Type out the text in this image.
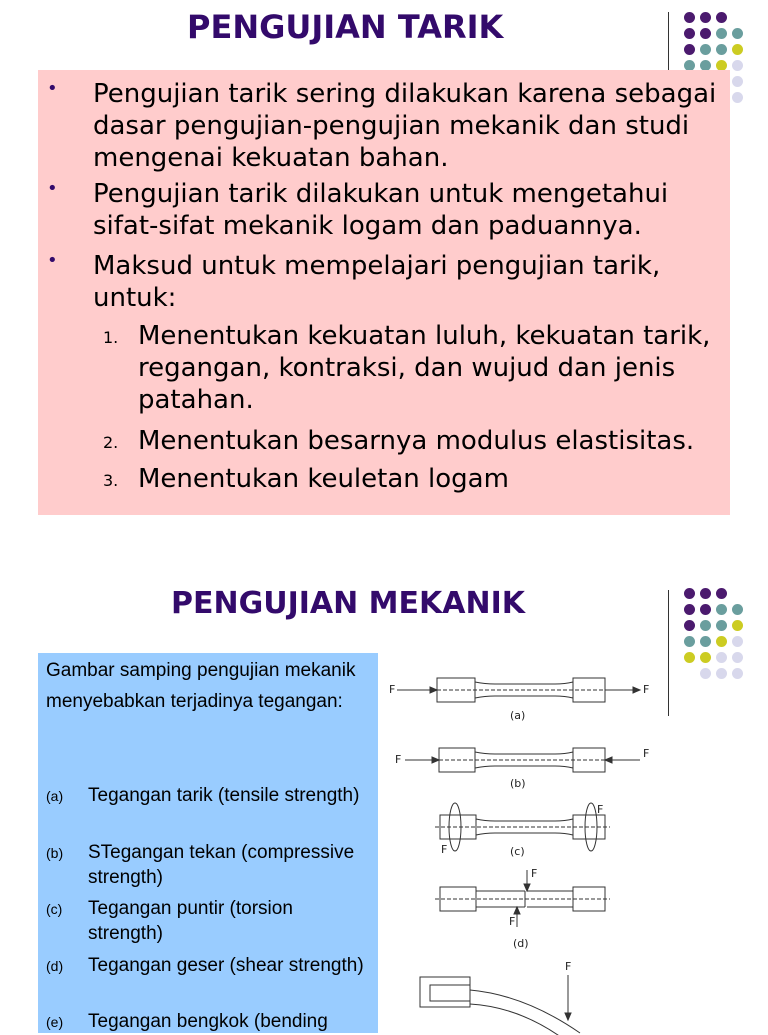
PENGUJIAN TARIK
• Pengujian tarik sering dilakukan karena sebagai dasar pengujian-pengujian mekanik dan studi mengenai kekuatan bahan.
• Pengujian tarik dilakukan untuk mengetahui sifat-sifat mekanik logam dan paduannya.
• Maksud untuk mempelajari pengujian tarik, untuk:
1. Menentukan kekuatan luluh, kekuatan tarik, regangan, kontraksi, dan wujud dan jenis patahan.
2. Menentukan besarnya modulus elastisitas.
3. Menentukan keuletan logam
PENGUJIAN MEKANIK
Gambar samping pengujian mekanik menyebabkan terjadinya tegangan:
(a) Tegangan tarik (tensile strength)
(b) STegangan tekan (compressive strength)
(c) Tegangan puntir (torsion strength)
(d) Tegangan geser (shear strength)
(e) Tegangan bengkok (bending
F	F
(a)
F	F
(b)
F
F
(c)
F
F
(d)
F
